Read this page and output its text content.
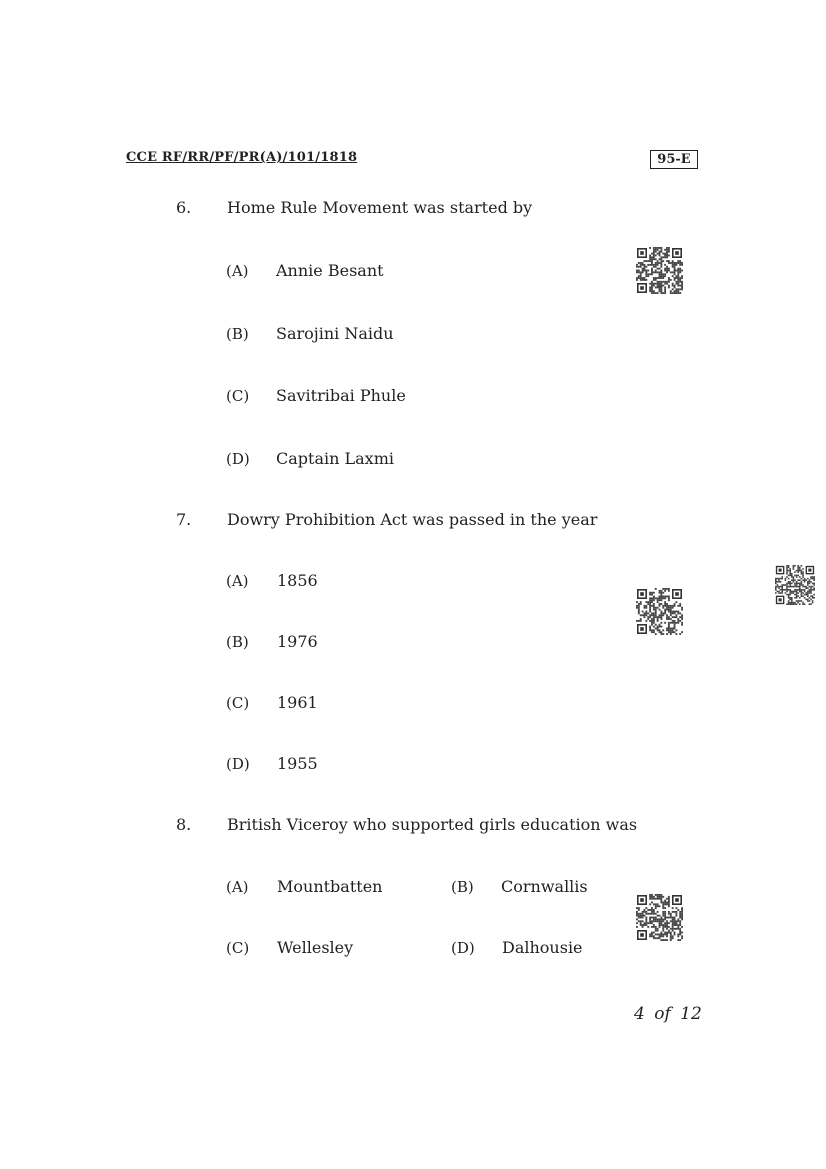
CCE RF/RR/PF/PR(A)/101/1818	95-E
6. Home Rule Movement was started by
(A) Annie Besant
(B) Sarojini Naidu
(C) Savitribai Phule
(D) Captain Laxmi
7. Dowry Prohibition Act was passed in the year
(A) 1856
(B) 1976
(C) 1961
(D) 1955
8. British Viceroy who supported girls education was
(A) Mountbatten	(B) Cornwallis
(C) Wellesley	(D) Dalhousie
4 of 12
